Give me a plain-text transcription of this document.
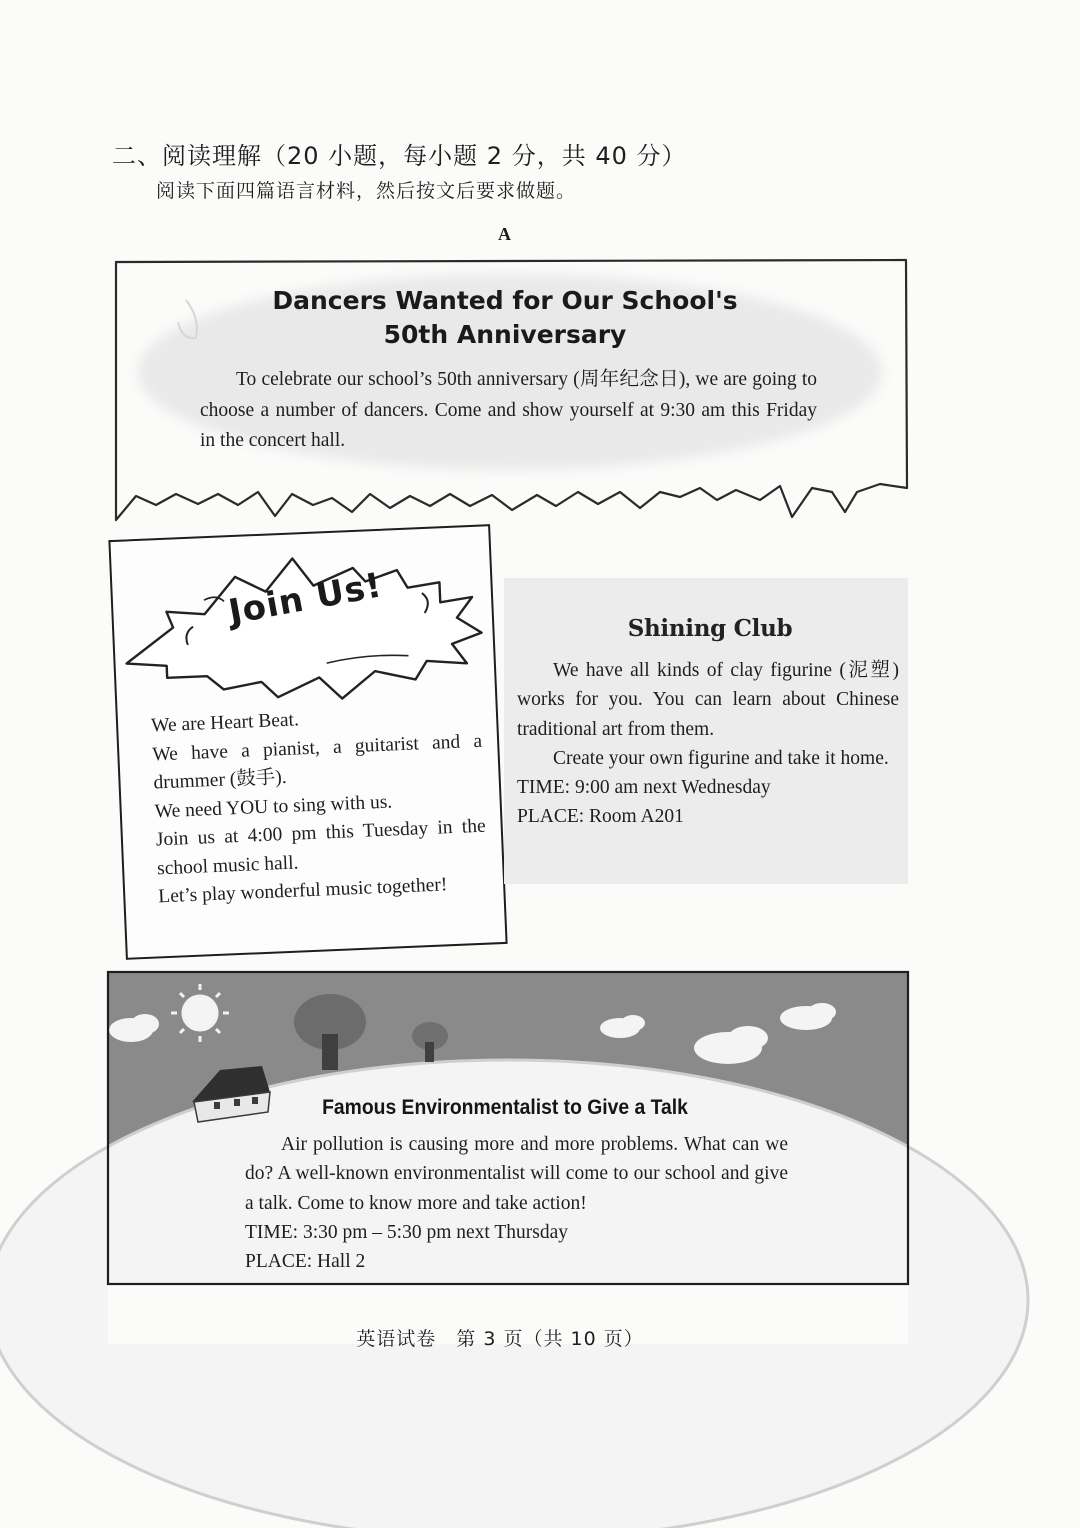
二、阅读理解（20 小题，每小题 2 分，共 40 分）
阅读下面四篇语言材料，然后按文后要求做题。
A
Dancers Wanted for Our School's
50th Anniversary
To celebrate our school’s 50th anniversary (周年纪念日), we are going to choose a number of dancers. Come and show yourself at 9:30 am this Friday in the concert hall.
Join Us!
We are Heart Beat.
We have a pianist, a guitarist and a drummer (鼓手).
We need YOU to sing with us.
Join us at 4:00 pm this Tuesday in the school music hall.
Let’s play wonderful music together!
Shining Club
We have all kinds of clay figurine (泥塑) works for you. You can learn about Chinese traditional art from them.
Create your own figurine and take it home.
TIME: 9:00 am next Wednesday
PLACE: Room A201
Famous Environmentalist to Give a Talk
Air pollution is causing more and more problems. What can we do? A well-known environmentalist will come to our school and give a talk. Come to know more and take action!
TIME: 3:30 pm – 5:30 pm next Thursday
PLACE: Hall 2
英语试卷　第 3 页（共 10 页）
